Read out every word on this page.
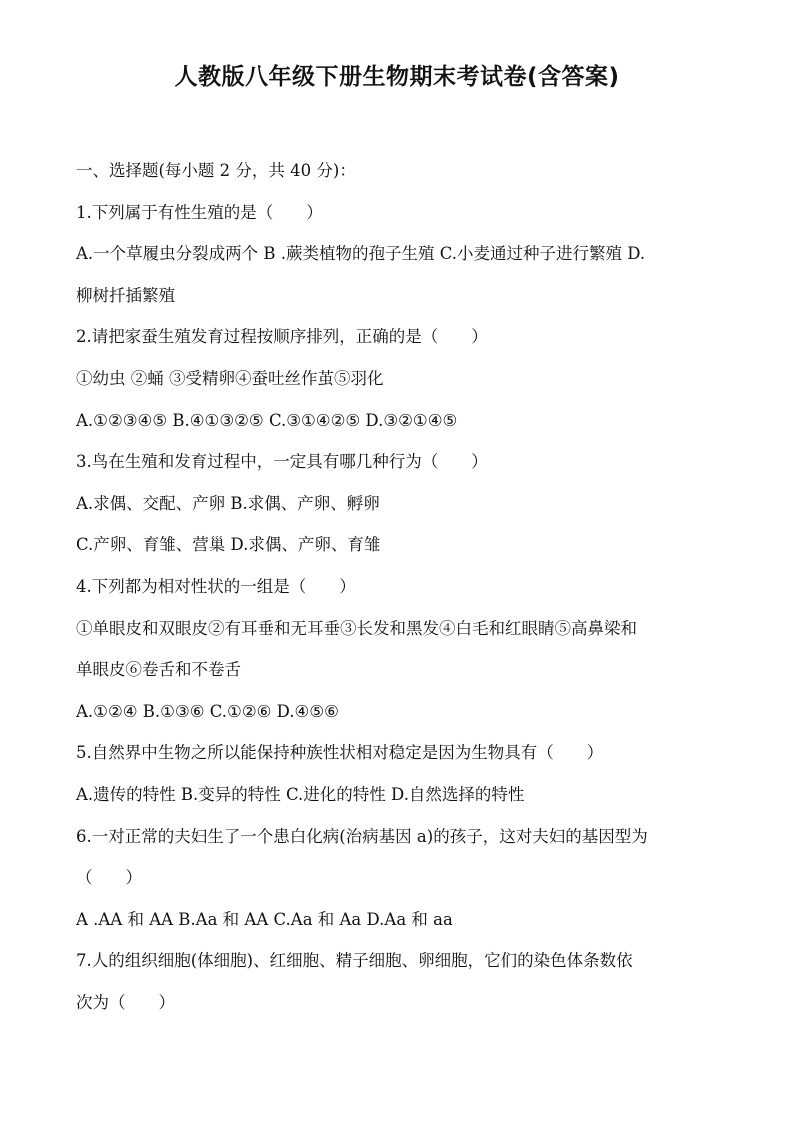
人教版八年级下册生物期末考试卷(含答案)
一、选择题(每小题 2 分，共 40 分)：
1.下列属于有性生殖的是（　　）
A.一个草履虫分裂成两个 B .蕨类植物的孢子生殖 C.小麦通过种子进行繁殖 D.
柳树扦插繁殖
2.请把家蚕生殖发育过程按顺序排列，正确的是（　　）
①幼虫 ②蛹 ③受精卵④蚕吐丝作茧⑤羽化
A.①②③④⑤ B.④①③②⑤ C.③①④②⑤ D.③②①④⑤
3.鸟在生殖和发育过程中，一定具有哪几种行为（　　）
A.求偶、交配、产卵 B.求偶、产卵、孵卵
C.产卵、育雏、营巢 D.求偶、产卵、育雏
4.下列都为相对性状的一组是（　　）
①单眼皮和双眼皮②有耳垂和无耳垂③长发和黑发④白毛和红眼睛⑤高鼻梁和
单眼皮⑥卷舌和不卷舌
A.①②④ B.①③⑥ C.①②⑥ D.④⑤⑥
5.自然界中生物之所以能保持种族性状相对稳定是因为生物具有（　　）
A.遗传的特性 B.变异的特性 C.进化的特性 D.自然选择的特性
6.一对正常的夫妇生了一个患白化病(治病基因 a)的孩子，这对夫妇的基因型为
（　　）
A .AA 和 AA B.Aa 和 AA C.Aa 和 Aa D.Aa 和 aa
7.人的组织细胞(体细胞)、红细胞、精子细胞、卵细胞，它们的染色体条数依
次为（　　）
